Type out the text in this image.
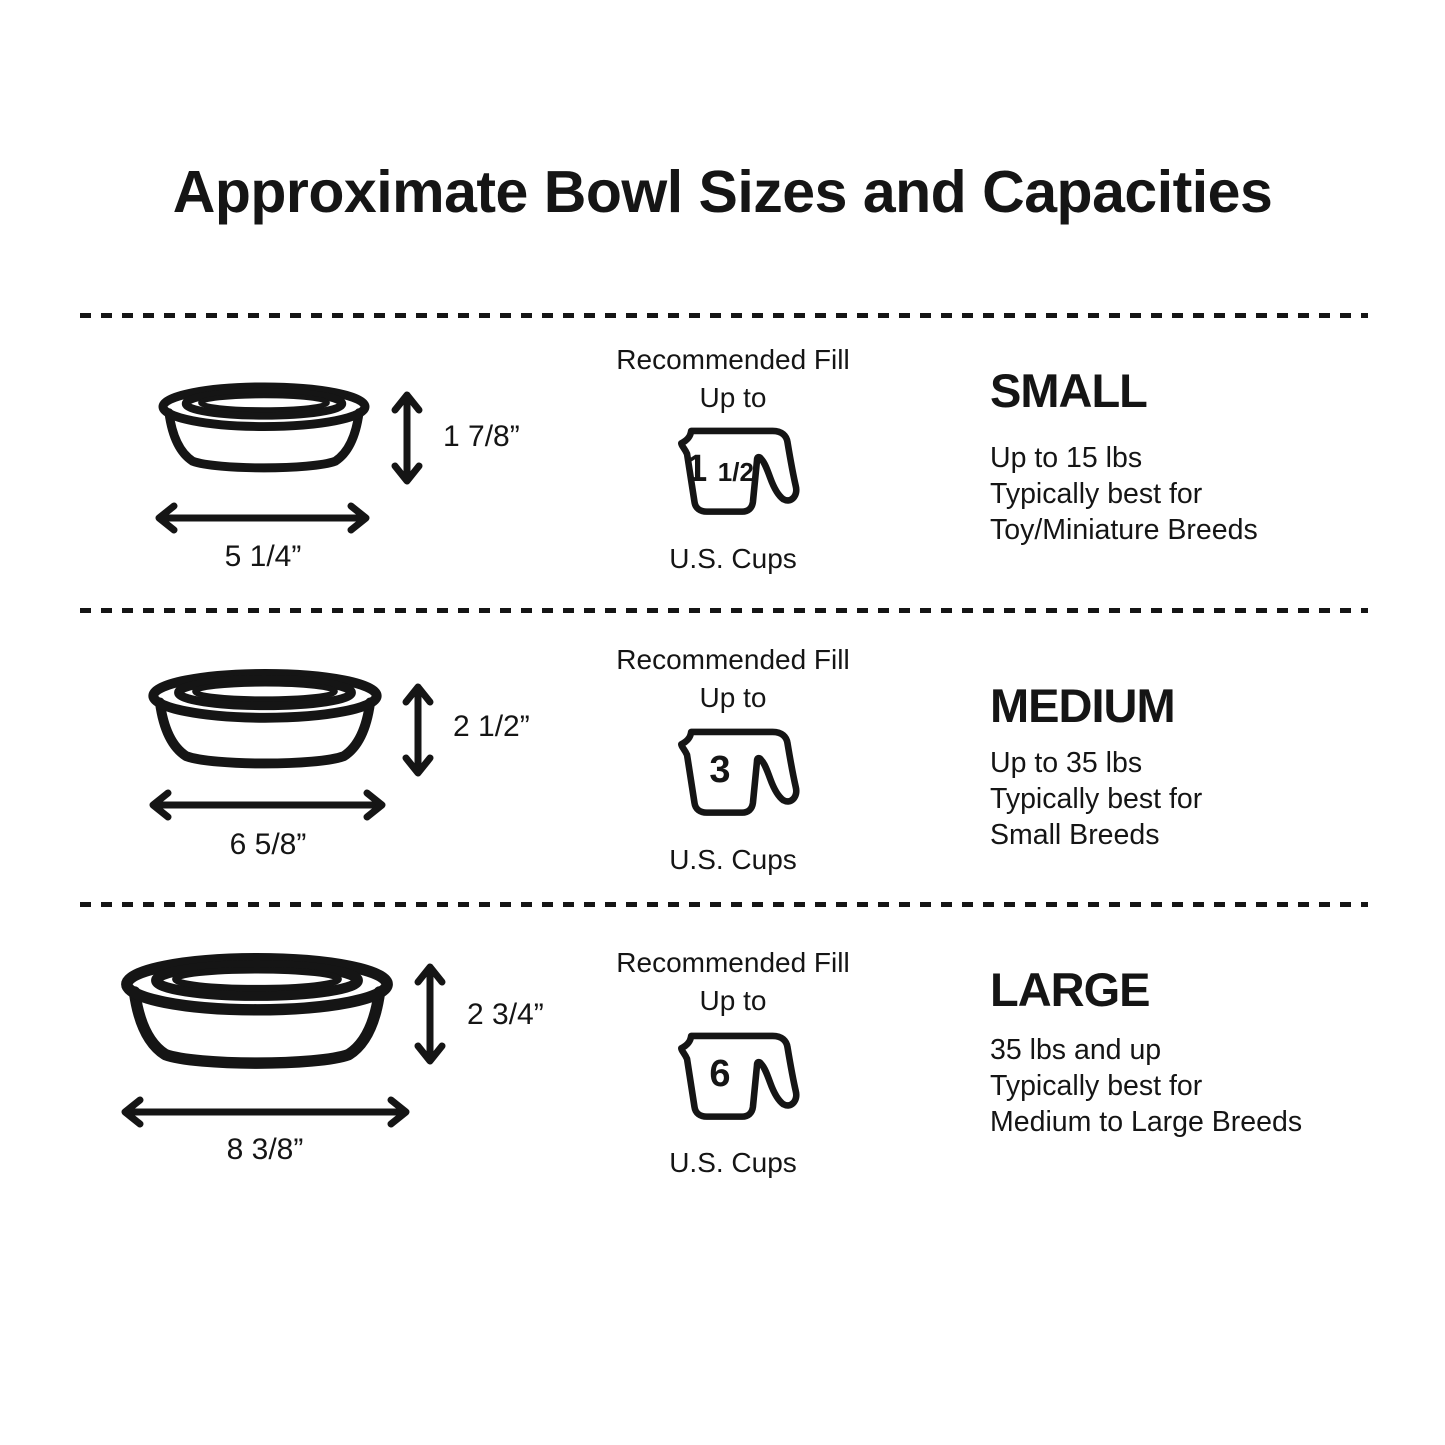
Approximate Bowl Sizes and Capacities
1 7/8”
5 1/4”
Recommended Fill
Up to
1 1/2
U.S. Cups
SMALL
Up to 15 lbs
Typically best for
Toy/Miniature Breeds
2 1/2”
6 5/8”
Recommended Fill
Up to
3
U.S. Cups
MEDIUM
Up to 35 lbs
Typically best for
Small Breeds
2 3/4”
8 3/8”
Recommended Fill
Up to
6
U.S. Cups
LARGE
35 lbs and up
Typically best for
Medium to Large Breeds
